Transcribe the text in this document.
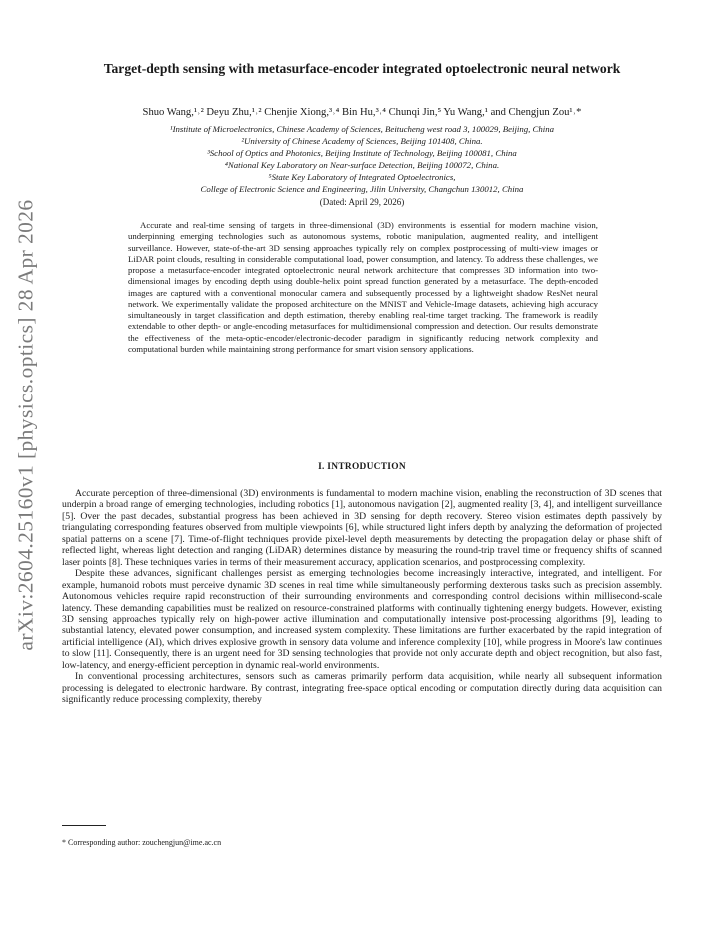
arXiv:2604.25160v1 [physics.optics] 28 Apr 2026
Target-depth sensing with metasurface-encoder integrated optoelectronic neural network
Shuo Wang,¹˒² Deyu Zhu,¹˒² Chenjie Xiong,³˒⁴ Bin Hu,³˒⁴ Chunqi Jin,⁵ Yu Wang,¹ and Chengjun Zou¹˒*
¹Institute of Microelectronics, Chinese Academy of Sciences, Beitucheng west road 3, 100029, Beijing, China
²University of Chinese Academy of Sciences, Beijing 101408, China.
³School of Optics and Photonics, Beijing Institute of Technology, Beijing 100081, China
⁴National Key Laboratory on Near-surface Detection, Beijing 100072, China.
⁵State Key Laboratory of Integrated Optoelectronics,
College of Electronic Science and Engineering, Jilin University, Changchun 130012, China
(Dated: April 29, 2026)
Accurate and real-time sensing of targets in three-dimensional (3D) environments is essential for modern machine vision, underpinning emerging technologies such as autonomous systems, robotic manipulation, augmented reality, and intelligent surveillance. However, state-of-the-art 3D sensing approaches typically rely on complex postprocessing of multi-view images or LiDAR point clouds, resulting in considerable computational load, power consumption, and latency. To address these challenges, we propose a metasurface-encoder integrated optoelectronic neural network architecture that compresses 3D information into two-dimensional images by encoding depth using double-helix point spread function generated by a metasurface. The depth-encoded images are captured with a conventional monocular camera and subsequently processed by a lightweight shadow ResNet neural network. We experimentally validate the proposed architecture on the MNIST and Vehicle-Image datasets, achieving high accuracy simultaneously in target classification and depth estimation, thereby enabling real-time target tracking. The framework is readily extendable to other depth- or angle-encoding metasurfaces for multidimensional compression and detection. Our results demonstrate the effectiveness of the meta-optic-encoder/electronic-decoder paradigm in significantly reducing network complexity and computational burden while maintaining strong performance for smart vision sensory applications.
I. INTRODUCTION

Accurate perception of three-dimensional (3D) environments is fundamental to modern machine vision, enabling the reconstruction of 3D scenes that underpin a broad range of emerging technologies, including robotics [1], autonomous navigation [2], augmented reality [3, 4], and intelligent surveillance [5]. Over the past decades, substantial progress has been achieved in 3D sensing for depth recovery. Stereo vision estimates depth passively by triangulating corresponding features observed from multiple viewpoints [6], while structured light infers depth by analyzing the deformation of projected spatial patterns on a scene [7]. Time-of-flight techniques provide pixel-level depth measurements by detecting the propagation delay or phase shift of reflected light, whereas light detection and ranging (LiDAR) determines distance by measuring the round-trip travel time or frequency shifts of scanned laser points [8]. These techniques varies in terms of their measurement accuracy, application scenarios, and postprocessing complexity.

Despite these advances, significant challenges persist as emerging technologies become increasingly interactive, integrated, and intelligent. For example, humanoid robots must perceive dynamic 3D scenes in real time while simultaneously performing dexterous tasks such as precision assembly. Autonomous vehicles require rapid reconstruction of their surrounding environments and corresponding control decisions within millisecond-scale latency. These demanding capabilities must be realized on resource-constrained platforms with continually tightening energy budgets. However, existing 3D sensing approaches typically rely on high-power active illumination and computationally intensive post-processing algorithms [9], leading to substantial latency, elevated power consumption, and increased system complexity. These limitations are further exacerbated by the rapid integration of artificial intelligence (AI), which drives explosive growth in sensory data volume and inference complexity [10], while progress in Moore's law continues to slow [11]. Consequently, there is an urgent need for 3D sensing technologies that provide not only accurate depth and object recognition, but also fast, low-latency, and energy-efficient perception in dynamic real-world environments.

In conventional processing architectures, sensors such as cameras primarily perform data acquisition, while nearly all subsequent information processing is delegated to electronic hardware. By contrast, integrating free-space optical encoding or computation directly during data acquisition can significantly reduce processing complexity, thereby

* Corresponding author: zouchengjun@ime.ac.cn
